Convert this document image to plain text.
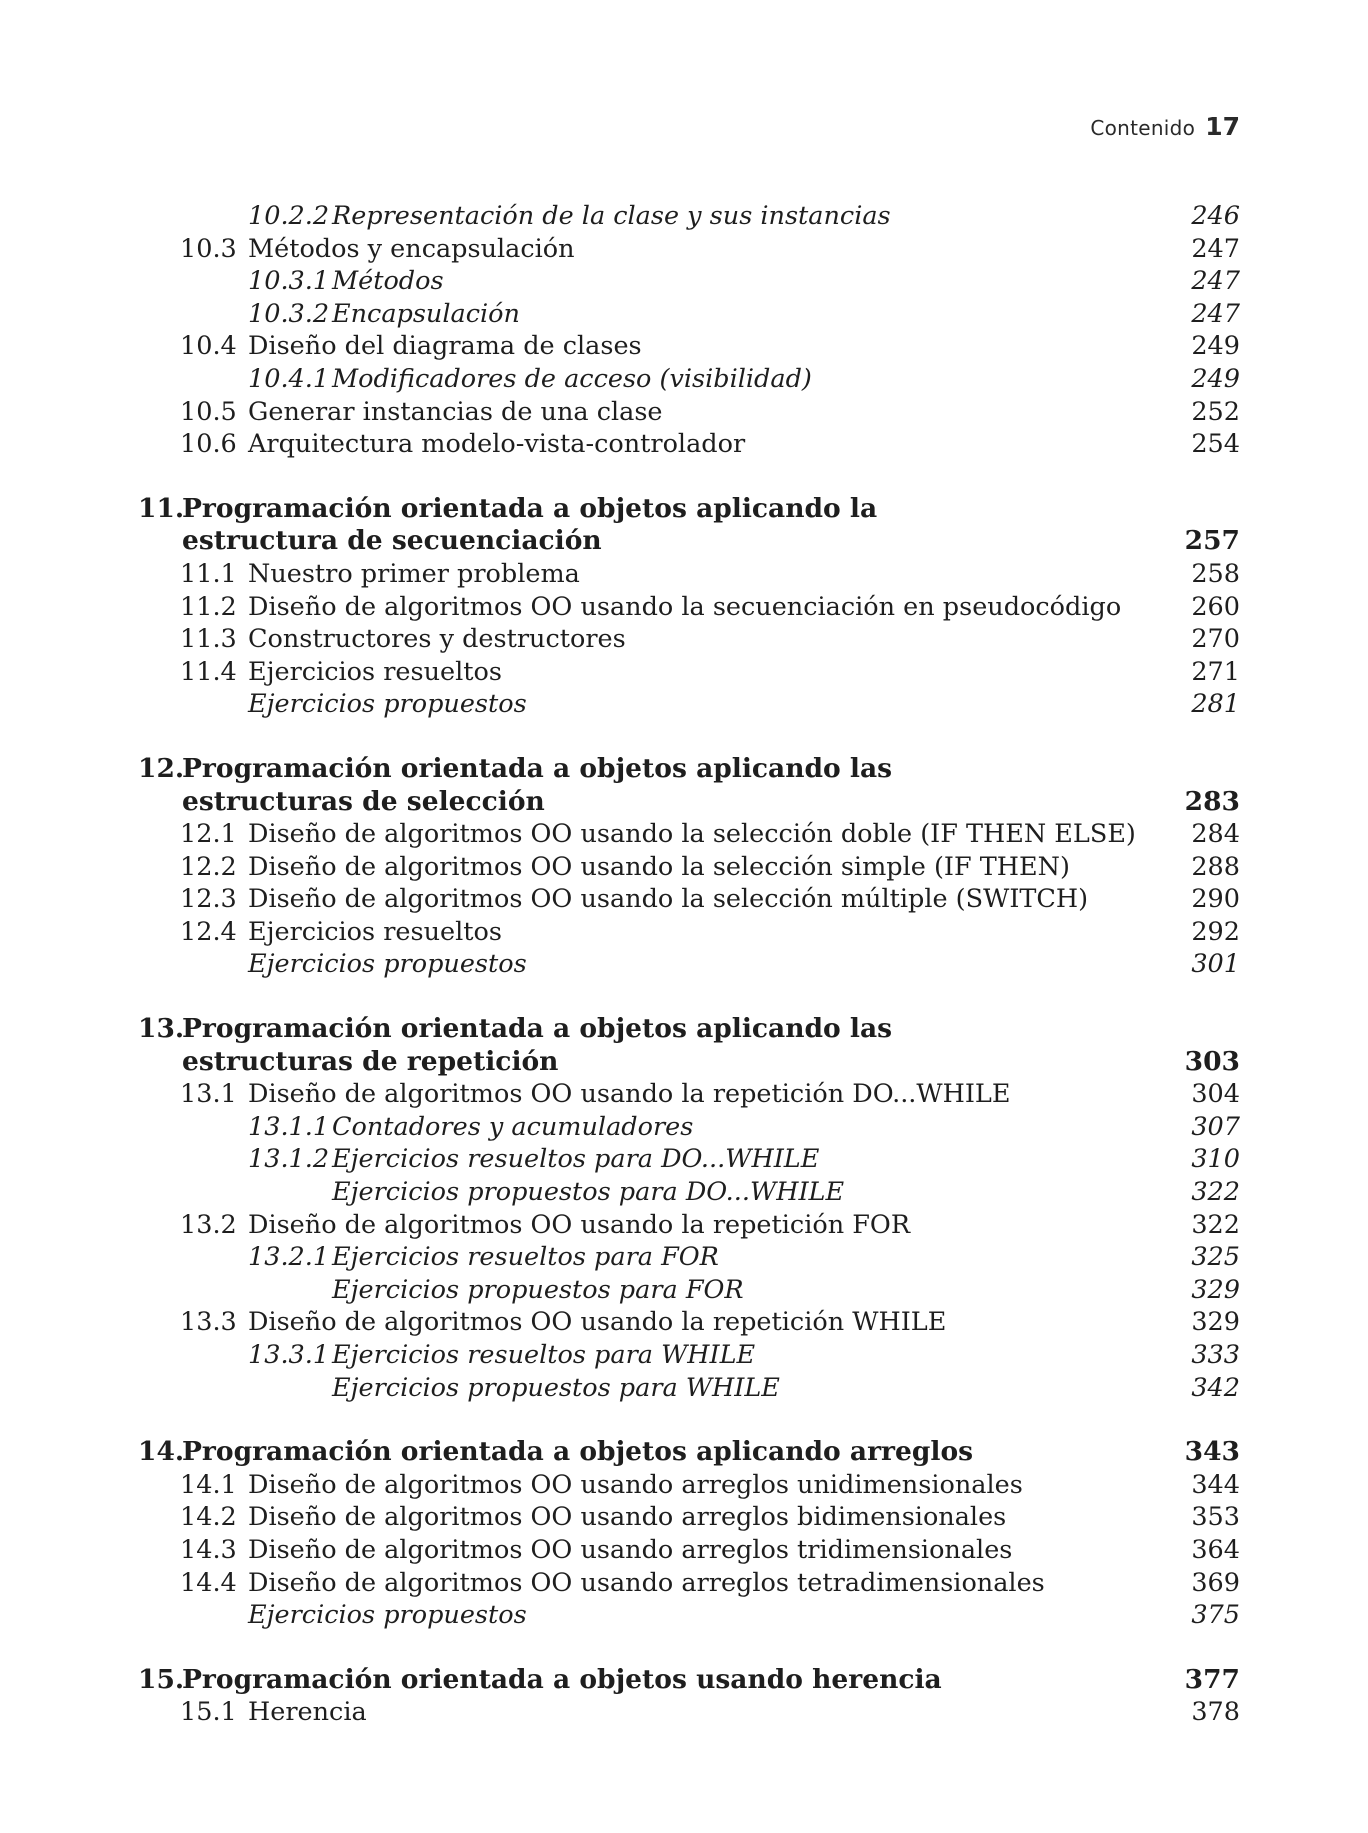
Contenido 17
10.2.2 Representación de la clase y sus instancias	246
10.3 Métodos y encapsulación	247
10.3.1 Métodos	247
10.3.2 Encapsulación	247
10.4 Diseño del diagrama de clases	249
10.4.1 Modificadores de acceso (visibilidad)	249
10.5 Generar instancias de una clase	252
10.6 Arquitectura modelo-vista-controlador	254
11.
Programación orientada a objetos aplicando la
estructura de secuenciación	257
11.1 Nuestro primer problema	258
11.2 Diseño de algoritmos OO usando la secuenciación en pseudocódigo	260
11.3 Constructores y destructores	270
11.4 Ejercicios resueltos	271
Ejercicios propuestos	281
12.
Programación orientada a objetos aplicando las
estructuras de selección	283
12.1 Diseño de algoritmos OO usando la selección doble (IF THEN ELSE) 284
12.2 Diseño de algoritmos OO usando la selección simple (IF THEN)	288
12.3 Diseño de algoritmos OO usando la selección múltiple (SWITCH)	290
12.4 Ejercicios resueltos	292
Ejercicios propuestos	301
13.
Programación orientada a objetos aplicando las
estructuras de repetición	303
13.1 Diseño de algoritmos OO usando la repetición DO...WHILE	304
13.1.1 Contadores y acumuladores	307
13.1.2 Ejercicios resueltos para DO...WHILE	310
Ejercicios propuestos para DO...WHILE	322
13.2 Diseño de algoritmos OO usando la repetición FOR	322
13.2.1 Ejercicios resueltos para FOR	325
Ejercicios propuestos para FOR	329
13.3 Diseño de algoritmos OO usando la repetición WHILE	329
13.3.1 Ejercicios resueltos para WHILE	333
Ejercicios propuestos para WHILE	342
14.
Programación orientada a objetos aplicando arreglos	343
14.1 Diseño de algoritmos OO usando arreglos unidimensionales	344
14.2 Diseño de algoritmos OO usando arreglos bidimensionales	353
14.3 Diseño de algoritmos OO usando arreglos tridimensionales	364
14.4 Diseño de algoritmos OO usando arreglos tetradimensionales	369
Ejercicios propuestos	375
15.
Programación orientada a objetos usando herencia	377
15.1 Herencia	378
